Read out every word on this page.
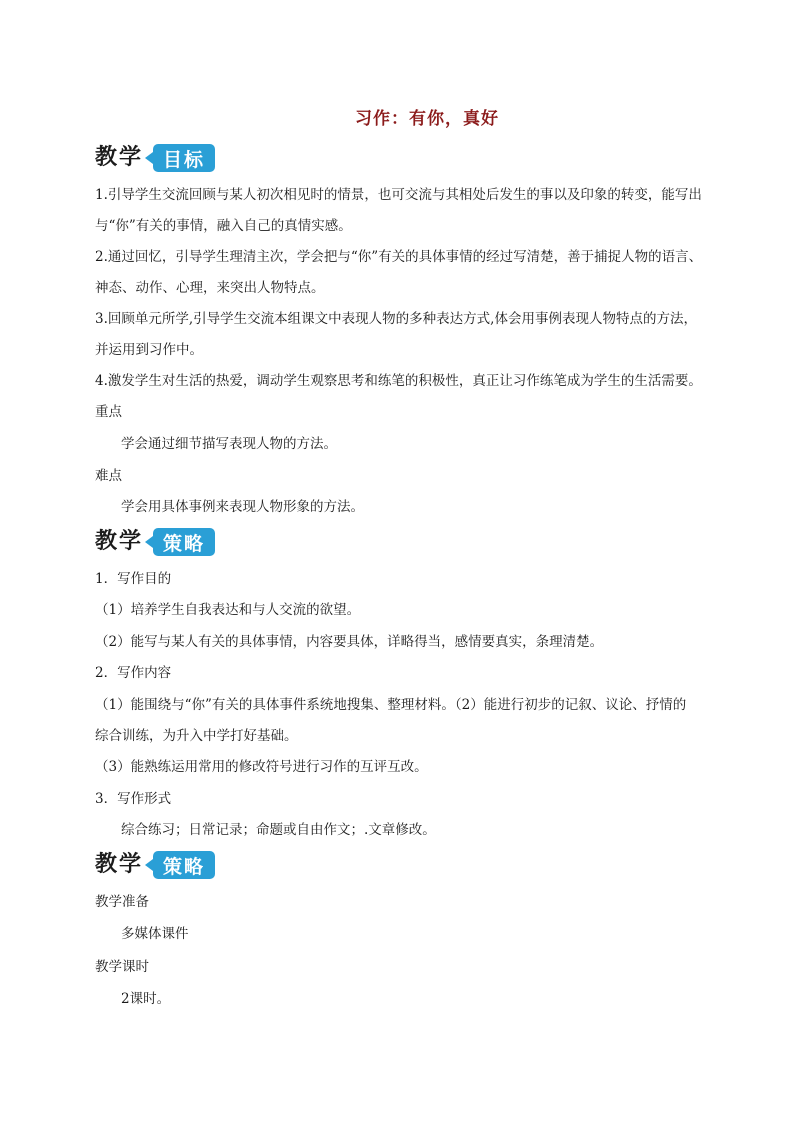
习作：有你，真好
教学	目标

1.引导学生交流回顾与某人初次相见时的情景，也可交流与其相处后发生的事以及印象的转变，能写出

与“你”有关的事情，融入自己的真情实感。

2.通过回忆，引导学生理清主次，学会把与“你”有关的具体事情的经过写清楚，善于捕捉人物的语言、

神态、动作、心理，来突出人物特点。

3.回顾单元所学,引导学生交流本组课文中表现人物的多种表达方式,体会用事例表现人物特点的方法，

并运用到习作中。

4.激发学生对生活的热爱，调动学生观察思考和练笔的积极性，真正让习作练笔成为学生的生活需要。

重点

学会通过细节描写表现人物的方法。

难点

学会用具体事例来表现人物形象的方法。

教学	策略

1．写作目的

（1）培养学生自我表达和与人交流的欲望。

（2）能写与某人有关的具体事情，内容要具体，详略得当，感情要真实，条理清楚。

2．写作内容

（1）能围绕与“你”有关的具体事件系统地搜集、整理材料。（2）能进行初步的记叙、议论、抒情的

综合训练，为升入中学打好基础。

（3）能熟练运用常用的修改符号进行习作的互评互改。

3．写作形式

综合练习；日常记录；命题或自由作文；.文章修改。

教学	策略

教学准备

多媒体课件

教学课时

2课时。
